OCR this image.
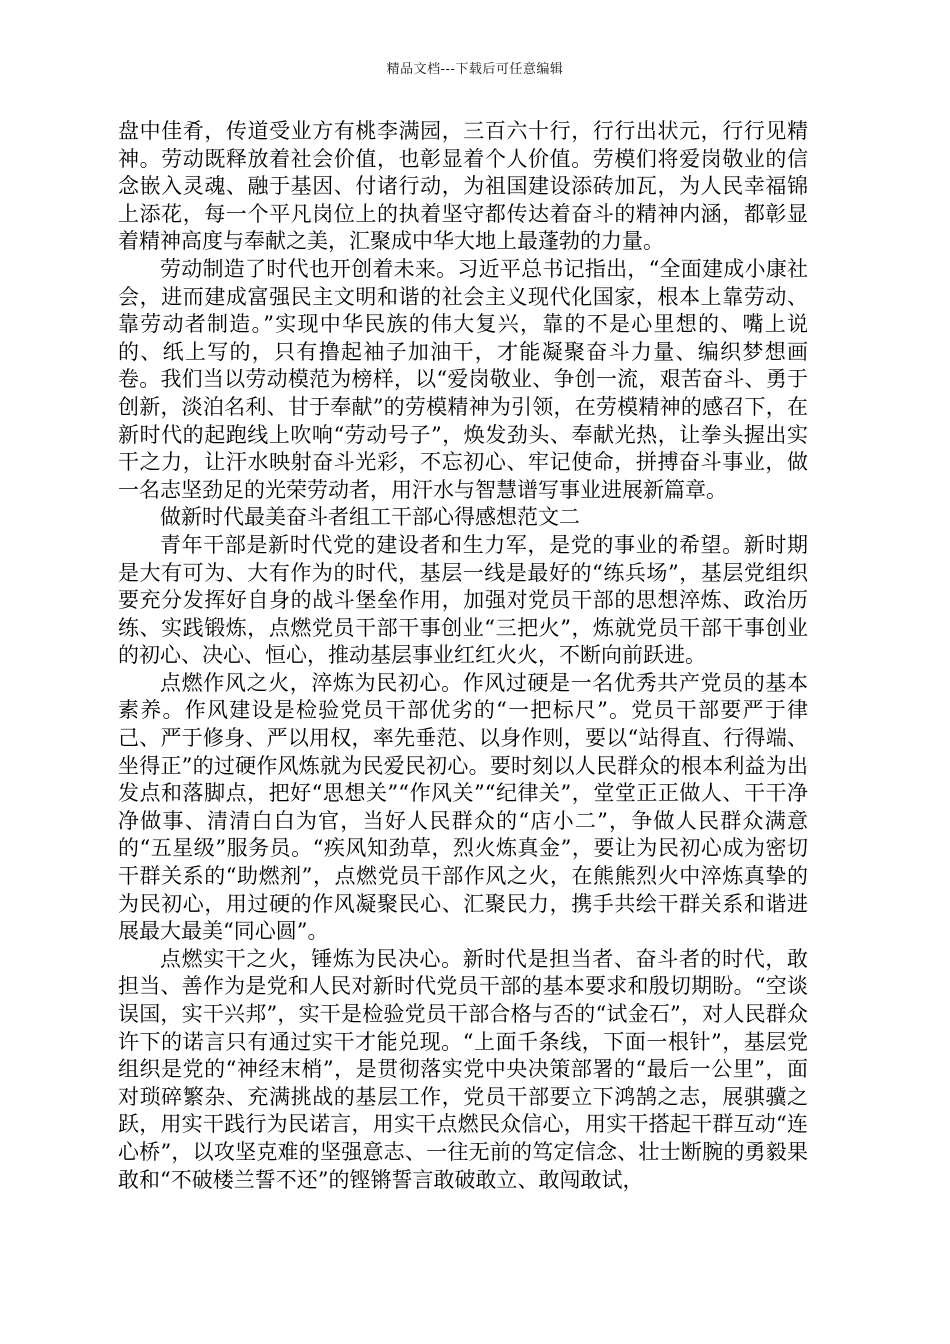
精品文档---下载后可任意编辑

盘中佳肴，传道受业方有桃李满园，三百六十行，行行出状元，行行见精神。劳动既释放着社会价值，也彰显着个人价值。劳模们将爱岗敬业的信念嵌入灵魂、融于基因、付诸行动，为祖国建设添砖加瓦，为人民幸福锦上添花，每一个平凡岗位上的执着坚守都传达着奋斗的精神内涵，都彰显着精神高度与奉献之美，汇聚成中华大地上最蓬勃的力量。

劳动制造了时代也开创着未来。习近平总书记指出，“全面建成小康社会，进而建成富强民主文明和谐的社会主义现代化国家，根本上靠劳动、靠劳动者制造。”实现中华民族的伟大复兴，靠的不是心里想的、嘴上说的、纸上写的，只有撸起袖子加油干，才能凝聚奋斗力量、编织梦想画卷。我们当以劳动模范为榜样，以“爱岗敬业、争创一流，艰苦奋斗、勇于创新，淡泊名利、甘于奉献”的劳模精神为引领，在劳模精神的感召下，在新时代的起跑线上吹响“劳动号子”，焕发劲头、奉献光热，让拳头握出实干之力，让汗水映射奋斗光彩，不忘初心、牢记使命，拼搏奋斗事业，做一名志坚劲足的光荣劳动者，用汗水与智慧谱写事业进展新篇章。

做新时代最美奋斗者组工干部心得感想范文二

青年干部是新时代党的建设者和生力军，是党的事业的希望。新时期是大有可为、大有作为的时代，基层一线是最好的“练兵场”，基层党组织要充分发挥好自身的战斗堡垒作用，加强对党员干部的思想淬炼、政治历练、实践锻炼，点燃党员干部干事创业“三把火”，炼就党员干部干事创业的初心、决心、恒心，推动基层事业红红火火，不断向前跃进。

点燃作风之火，淬炼为民初心。作风过硬是一名优秀共产党员的基本素养。作风建设是检验党员干部优劣的“一把标尺”。党员干部要严于律己、严于修身、严以用权，率先垂范、以身作则，要以“站得直、行得端、坐得正”的过硬作风炼就为民爱民初心。要时刻以人民群众的根本利益为出发点和落脚点，把好“思想关”“作风关”“纪律关”，堂堂正正做人、干干净净做事、清清白白为官，当好人民群众的“店小二”，争做人民群众满意的“五星级”服务员。“疾风知劲草，烈火炼真金”，要让为民初心成为密切干群关系的“助燃剂”，点燃党员干部作风之火，在熊熊烈火中淬炼真挚的为民初心，用过硬的作风凝聚民心、汇聚民力，携手共绘干群关系和谐进展最大最美“同心圆”。

点燃实干之火，锤炼为民决心。新时代是担当者、奋斗者的时代，敢担当、善作为是党和人民对新时代党员干部的基本要求和殷切期盼。“空谈误国，实干兴邦”，实干是检验党员干部合格与否的“试金石”，对人民群众许下的诺言只有通过实干才能兑现。“上面千条线，下面一根针”，基层党组织是党的“神经末梢”，是贯彻落实党中央决策部署的“最后一公里”，面对琐碎繁杂、充满挑战的基层工作，党员干部要立下鸿鹄之志，展骐骥之跃，用实干践行为民诺言，用实干点燃民众信心，用实干搭起干群互动“连心桥”，以攻坚克难的坚强意志、一往无前的笃定信念、壮士断腕的勇毅果敢和“不破楼兰誓不还”的铿锵誓言敢破敢立、敢闯敢试，
